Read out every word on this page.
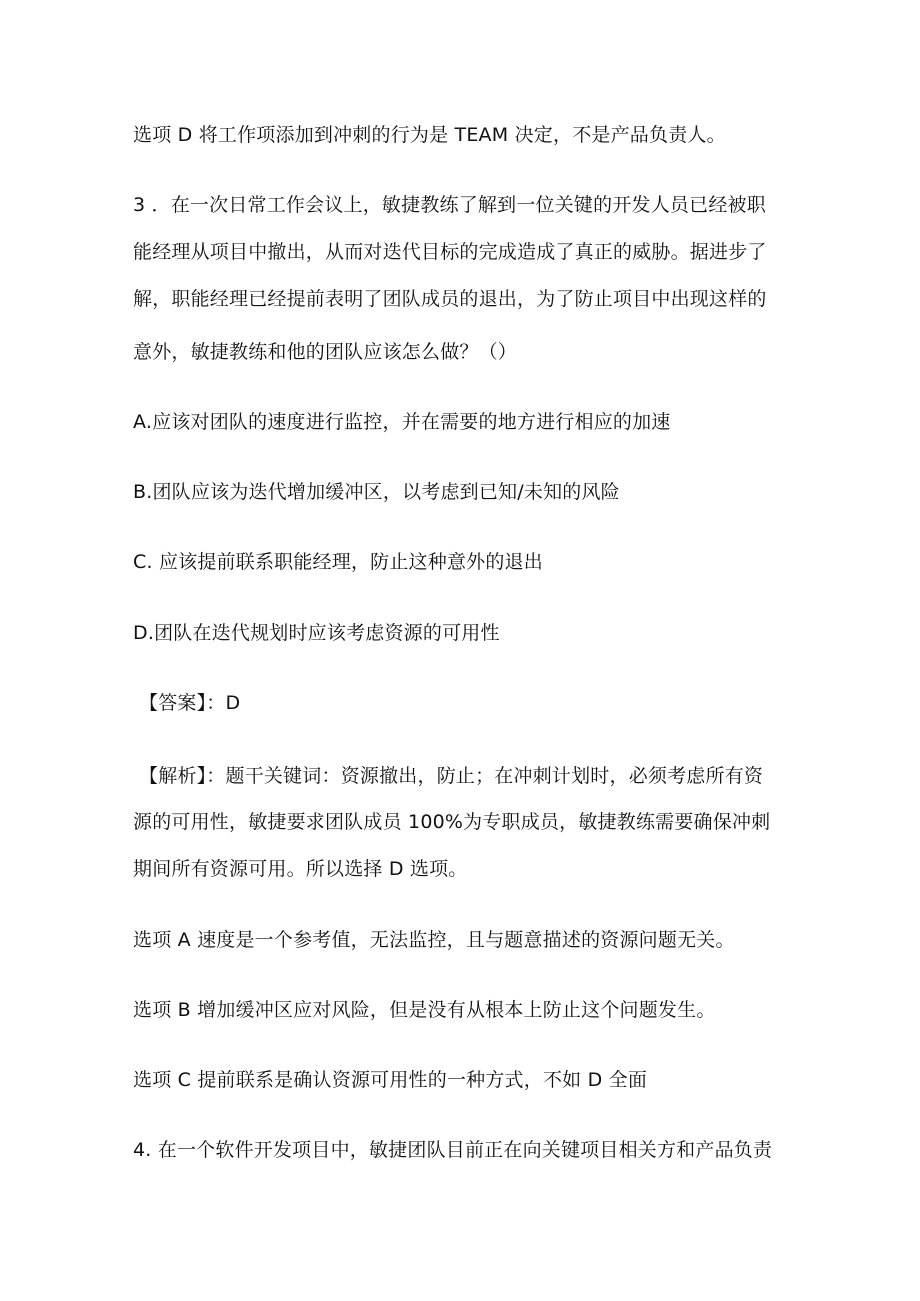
选项 D 将工作项添加到冲刺的行为是 TEAM 决定，不是产品负责人。
3 ．在一次日常工作会议上，敏捷教练了解到一位关键的开发人员已经被职
能经理从项目中撤出，从而对迭代目标的完成造成了真正的威胁。据进步了
解，职能经理已经提前表明了团队成员的退出，为了防止项目中出现这样的
意外，敏捷教练和他的团队应该怎么做？（）
A.应该对团队的速度进行监控，并在需要的地方进行相应的加速
B.团队应该为迭代增加缓冲区，以考虑到已知/未知的风险
C. 应该提前联系职能经理，防止这种意外的退出
D.团队在迭代规划时应该考虑资源的可用性
【答案】：D
【解析】：题干关键词：资源撤出，防止；在冲刺计划时，必须考虑所有资
源的可用性，敏捷要求团队成员 100%为专职成员，敏捷教练需要确保冲刺
期间所有资源可用。所以选择 D 选项。
选项 A 速度是一个参考值，无法监控，且与题意描述的资源问题无关。
选项 B 增加缓冲区应对风险，但是没有从根本上防止这个问题发生。
选项 C 提前联系是确认资源可用性的一种方式，不如 D 全面
4. 在一个软件开发项目中，敏捷团队目前正在向关键项目相关方和产品负责
